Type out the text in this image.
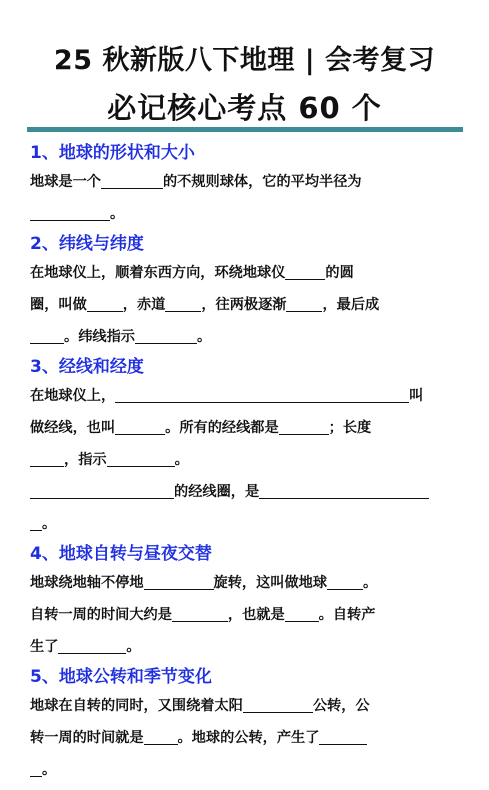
25 秋新版八下地理 | 会考复习
必记核心考点 60 个
1、地球的形状和大小
地球是一个	的不规则球体，它的平均半径为
。
2、纬线与纬度
在地球仪上，顺着东西方向，环绕地球仪	的圆
圈，叫做	，赤道	，往两极逐渐	，最后成
。纬线指示	。
3、经线和经度
在地球仪上，	叫
做经线，也叫	。所有的经线都是	；长度
，指示	。
的经线圈，是
。
4、地球自转与昼夜交替
地球绕地轴不停地	旋转，这叫做地球	。
自转一周的时间大约是	，也就是 。自转产
生了	。
5、地球公转和季节变化
地球在自转的同时，又围绕着太阳	公转，公
转一周的时间就是 。地球的公转，产生了
。
